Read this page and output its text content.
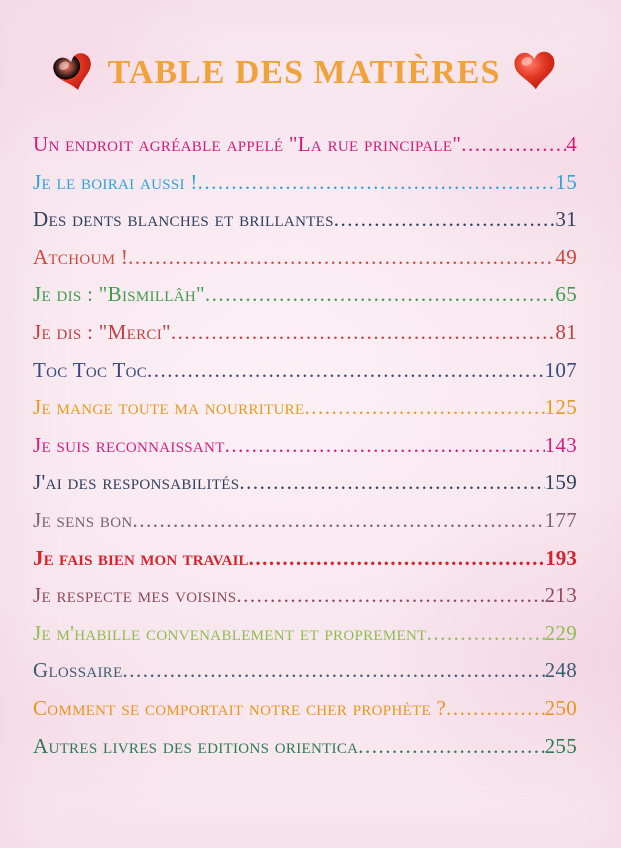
TABLE DES MATIÈRES
Un endroit agréable appelé "La rue principale" .....	4
Je le boirai aussi ! .....	15
Des dents blanches et brillantes .....	31
Atchoum ! .....	49
Je dis : "Bismillâh" .....	65
Je dis : "Merci" .....	81
Toc Toc Toc .....	107
Je mange toute ma nourriture .....	125
Je suis reconnaissant .....	143
J'ai des responsabilités .....	159
Je sens bon .....	177
Je fais bien mon travail .....	193
Je respecte mes voisins .....	213
Je m'habille convenablement et proprement .....	229
Glossaire .....	248
Comment se comportait notre cher prophète ? .....	250
Autres livres des editions orientica .....	255
